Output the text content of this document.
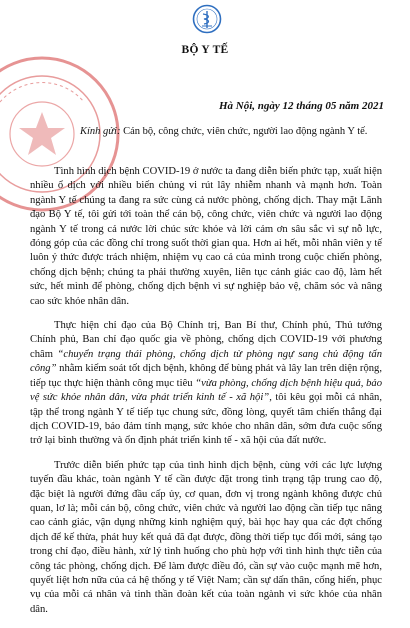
BỘ Y TẾ
Hà Nội, ngày 12 tháng 05 năm 2021
Kính gửi: Cán bộ, công chức, viên chức, người lao động ngành Y tế.

Tình hình dịch bệnh COVID-19 ở nước ta đang diễn biến phức tạp, xuất hiện nhiều ổ dịch với nhiều biến chủng vi rút lây nhiễm nhanh và mạnh hơn. Toàn ngành Y tế chúng ta đang ra sức cùng cả nước phòng, chống dịch. Thay mặt Lãnh đạo Bộ Y tế, tôi gửi tới toàn thể cán bộ, công chức, viên chức và người lao động ngành Y tế trong cả nước lời chúc sức khỏe và lời cảm ơn sâu sắc vì sự nỗ lực, đóng góp của các đồng chí trong suốt thời gian qua. Hơn ai hết, mỗi nhân viên y tế luôn ý thức được trách nhiệm, nhiệm vụ cao cả của mình trong cuộc chiến phòng, chống dịch bệnh; chúng ta phải thường xuyên, liên tục cảnh giác cao độ, làm hết sức, hết mình để phòng, chống dịch bệnh vì sự nghiệp bảo vệ, chăm sóc và nâng cao sức khỏe nhân dân.

Thực hiện chỉ đạo của Bộ Chính trị, Ban Bí thư, Chính phủ, Thủ tướng Chính phủ, Ban chỉ đạo quốc gia về phòng, chống dịch COVID-19 với phương châm “chuyển trạng thái phòng, chống dịch từ phòng ngự sang chủ động tấn công” nhằm kiểm soát tốt dịch bệnh, không để bùng phát và lây lan trên diện rộng, tiếp tục thực hiện thành công mục tiêu “vừa phòng, chống dịch bệnh hiệu quả, bảo vệ sức khỏe nhân dân, vừa phát triển kinh tế - xã hội”, tôi kêu gọi mỗi cá nhân, tập thể trong ngành Y tế tiếp tục chung sức, đồng lòng, quyết tâm chiến thắng đại dịch COVID-19, bảo đảm tính mạng, sức khỏe cho nhân dân, sớm đưa cuộc sống trở lại bình thường và ổn định phát triển kinh tế - xã hội của đất nước.

Trước diễn biến phức tạp của tình hình dịch bệnh, cùng với các lực lượng tuyến đầu khác, toàn ngành Y tế cần được đặt trong tình trạng tập trung cao độ, đặc biệt là người đứng đầu cấp ủy, cơ quan, đơn vị trong ngành không được chủ quan, lơ là; mỗi cán bộ, công chức, viên chức và người lao động cần tiếp tục nâng cao cảnh giác, vận dụng những kinh nghiệm quý, bài học hay qua các đợt chống dịch để kế thừa, phát huy kết quả đã đạt được, đồng thời tiếp tục đổi mới, sáng tạo trong chỉ đạo, điều hành, xử lý tình huống cho phù hợp với tình hình thực tiễn của công tác phòng, chống dịch. Để làm được điều đó, cần sự vào cuộc mạnh mẽ hơn, quyết liệt hơn nữa của cả hệ thống y tế Việt Nam; cần sự dấn thân, cống hiến, phục vụ của mỗi cá nhân và tinh thần đoàn kết của toàn ngành vì sức khỏe của nhân dân.
